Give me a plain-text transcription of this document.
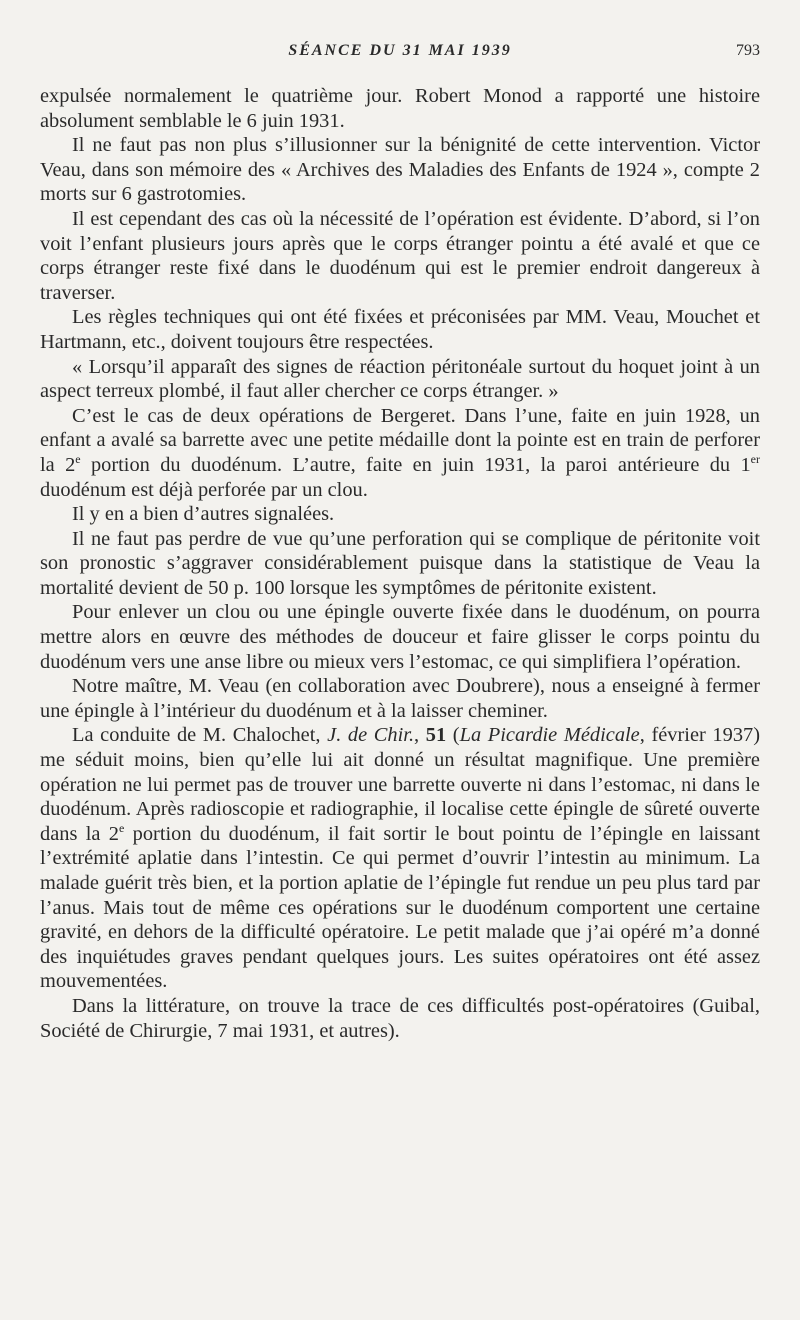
SÉANCE DU 31 MAI 1939	793

expulsée normalement le quatrième jour. Robert Monod a rapporté une histoire absolument semblable le 6 juin 1931.

Il ne faut pas non plus s’illusionner sur la bénignité de cette intervention. Victor Veau, dans son mémoire des « Archives des Maladies des Enfants de 1924 », compte 2 morts sur 6 gastrotomies.

Il est cependant des cas où la nécessité de l’opération est évidente. D’abord, si l’on voit l’enfant plusieurs jours après que le corps étranger pointu a été avalé et que ce corps étranger reste fixé dans le duodénum qui est le premier endroit dangereux à traverser.

Les règles techniques qui ont été fixées et préconisées par MM. Veau, Mouchet et Hartmann, etc., doivent toujours être respectées.

« Lorsqu’il apparaît des signes de réaction péritonéale surtout du hoquet joint à un aspect terreux plombé, il faut aller chercher ce corps étranger. »

C’est le cas de deux opérations de Bergeret. Dans l’une, faite en juin 1928, un enfant a avalé sa barrette avec une petite médaille dont la pointe est en train de perforer la 2e portion du duodénum. L’autre, faite en juin 1931, la paroi antérieure du 1er duodénum est déjà perforée par un clou.

Il y en a bien d’autres signalées.

Il ne faut pas perdre de vue qu’une perforation qui se complique de péritonite voit son pronostic s’aggraver considérablement puisque dans la statistique de Veau la mortalité devient de 50 p. 100 lorsque les symptômes de péritonite existent.

Pour enlever un clou ou une épingle ouverte fixée dans le duodénum, on pourra mettre alors en œuvre des méthodes de douceur et faire glisser le corps pointu du duodénum vers une anse libre ou mieux vers l’estomac, ce qui simplifiera l’opération.

Notre maître, M. Veau (en collaboration avec Doubrere), nous a enseigné à fermer une épingle à l’intérieur du duodénum et à la laisser cheminer.

La conduite de M. Chalochet, J. de Chir., 51 (La Picardie Médicale, février 1937) me séduit moins, bien qu’elle lui ait donné un résultat magnifique. Une première opération ne lui permet pas de trouver une barrette ouverte ni dans l’estomac, ni dans le duodénum. Après radioscopie et radiographie, il localise cette épingle de sûreté ouverte dans la 2e portion du duodénum, il fait sortir le bout pointu de l’épingle en laissant l’extrémité aplatie dans l’intestin. Ce qui permet d’ouvrir l’intestin au minimum. La malade guérit très bien, et la portion aplatie de l’épingle fut rendue un peu plus tard par l’anus. Mais tout de même ces opérations sur le duodénum comportent une certaine gravité, en dehors de la difficulté opératoire. Le petit malade que j’ai opéré m’a donné des inquiétudes graves pendant quelques jours. Les suites opératoires ont été assez mouvementées.

Dans la littérature, on trouve la trace de ces difficultés post-opératoires (Guibal, Société de Chirurgie, 7 mai 1931, et autres).
